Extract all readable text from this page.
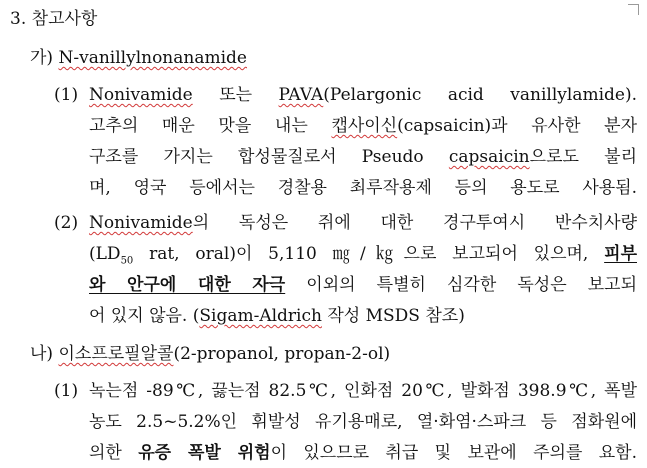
3. 참고사항
가) N-vanillylnonanamide
(1) Nonivamide 또는 PAVA(Pelargonic acid vanillylamide).
고추의 매운 맛을 내는 캡사이신(capsaicin)과 유사한 분자
구조를 가지는 합성물질로서 Pseudo capsaicin으로도 불리
며, 영국 등에서는 경찰용 최루작용제 등의 용도로 사용됨.
(2) Nonivamide의 독성은 쥐에 대한 경구투여시 반수치사량
($LD_{50}$ rat, oral)이 5,110 ㎎/㎏으로 보고되어 있으며, 피부
와 안구에 대한 자극 이외의 특별히 심각한 독성은 보고되
어 있지 않음. (Sigam-Aldrich 작성 MSDS 참조)
나) 이소프로필알콜(2-propanol, propan-2-ol)
(1) 녹는점 -89℃, 끓는점 82.5℃, 인화점 20℃, 발화점 398.9℃, 폭발
농도 2.5~5.2%인 휘발성 유기용매로, 열·화염·스파크 등 점화원에
의한 유증 폭발 위험이 있으므로 취급 및 보관에 주의를 요함.
